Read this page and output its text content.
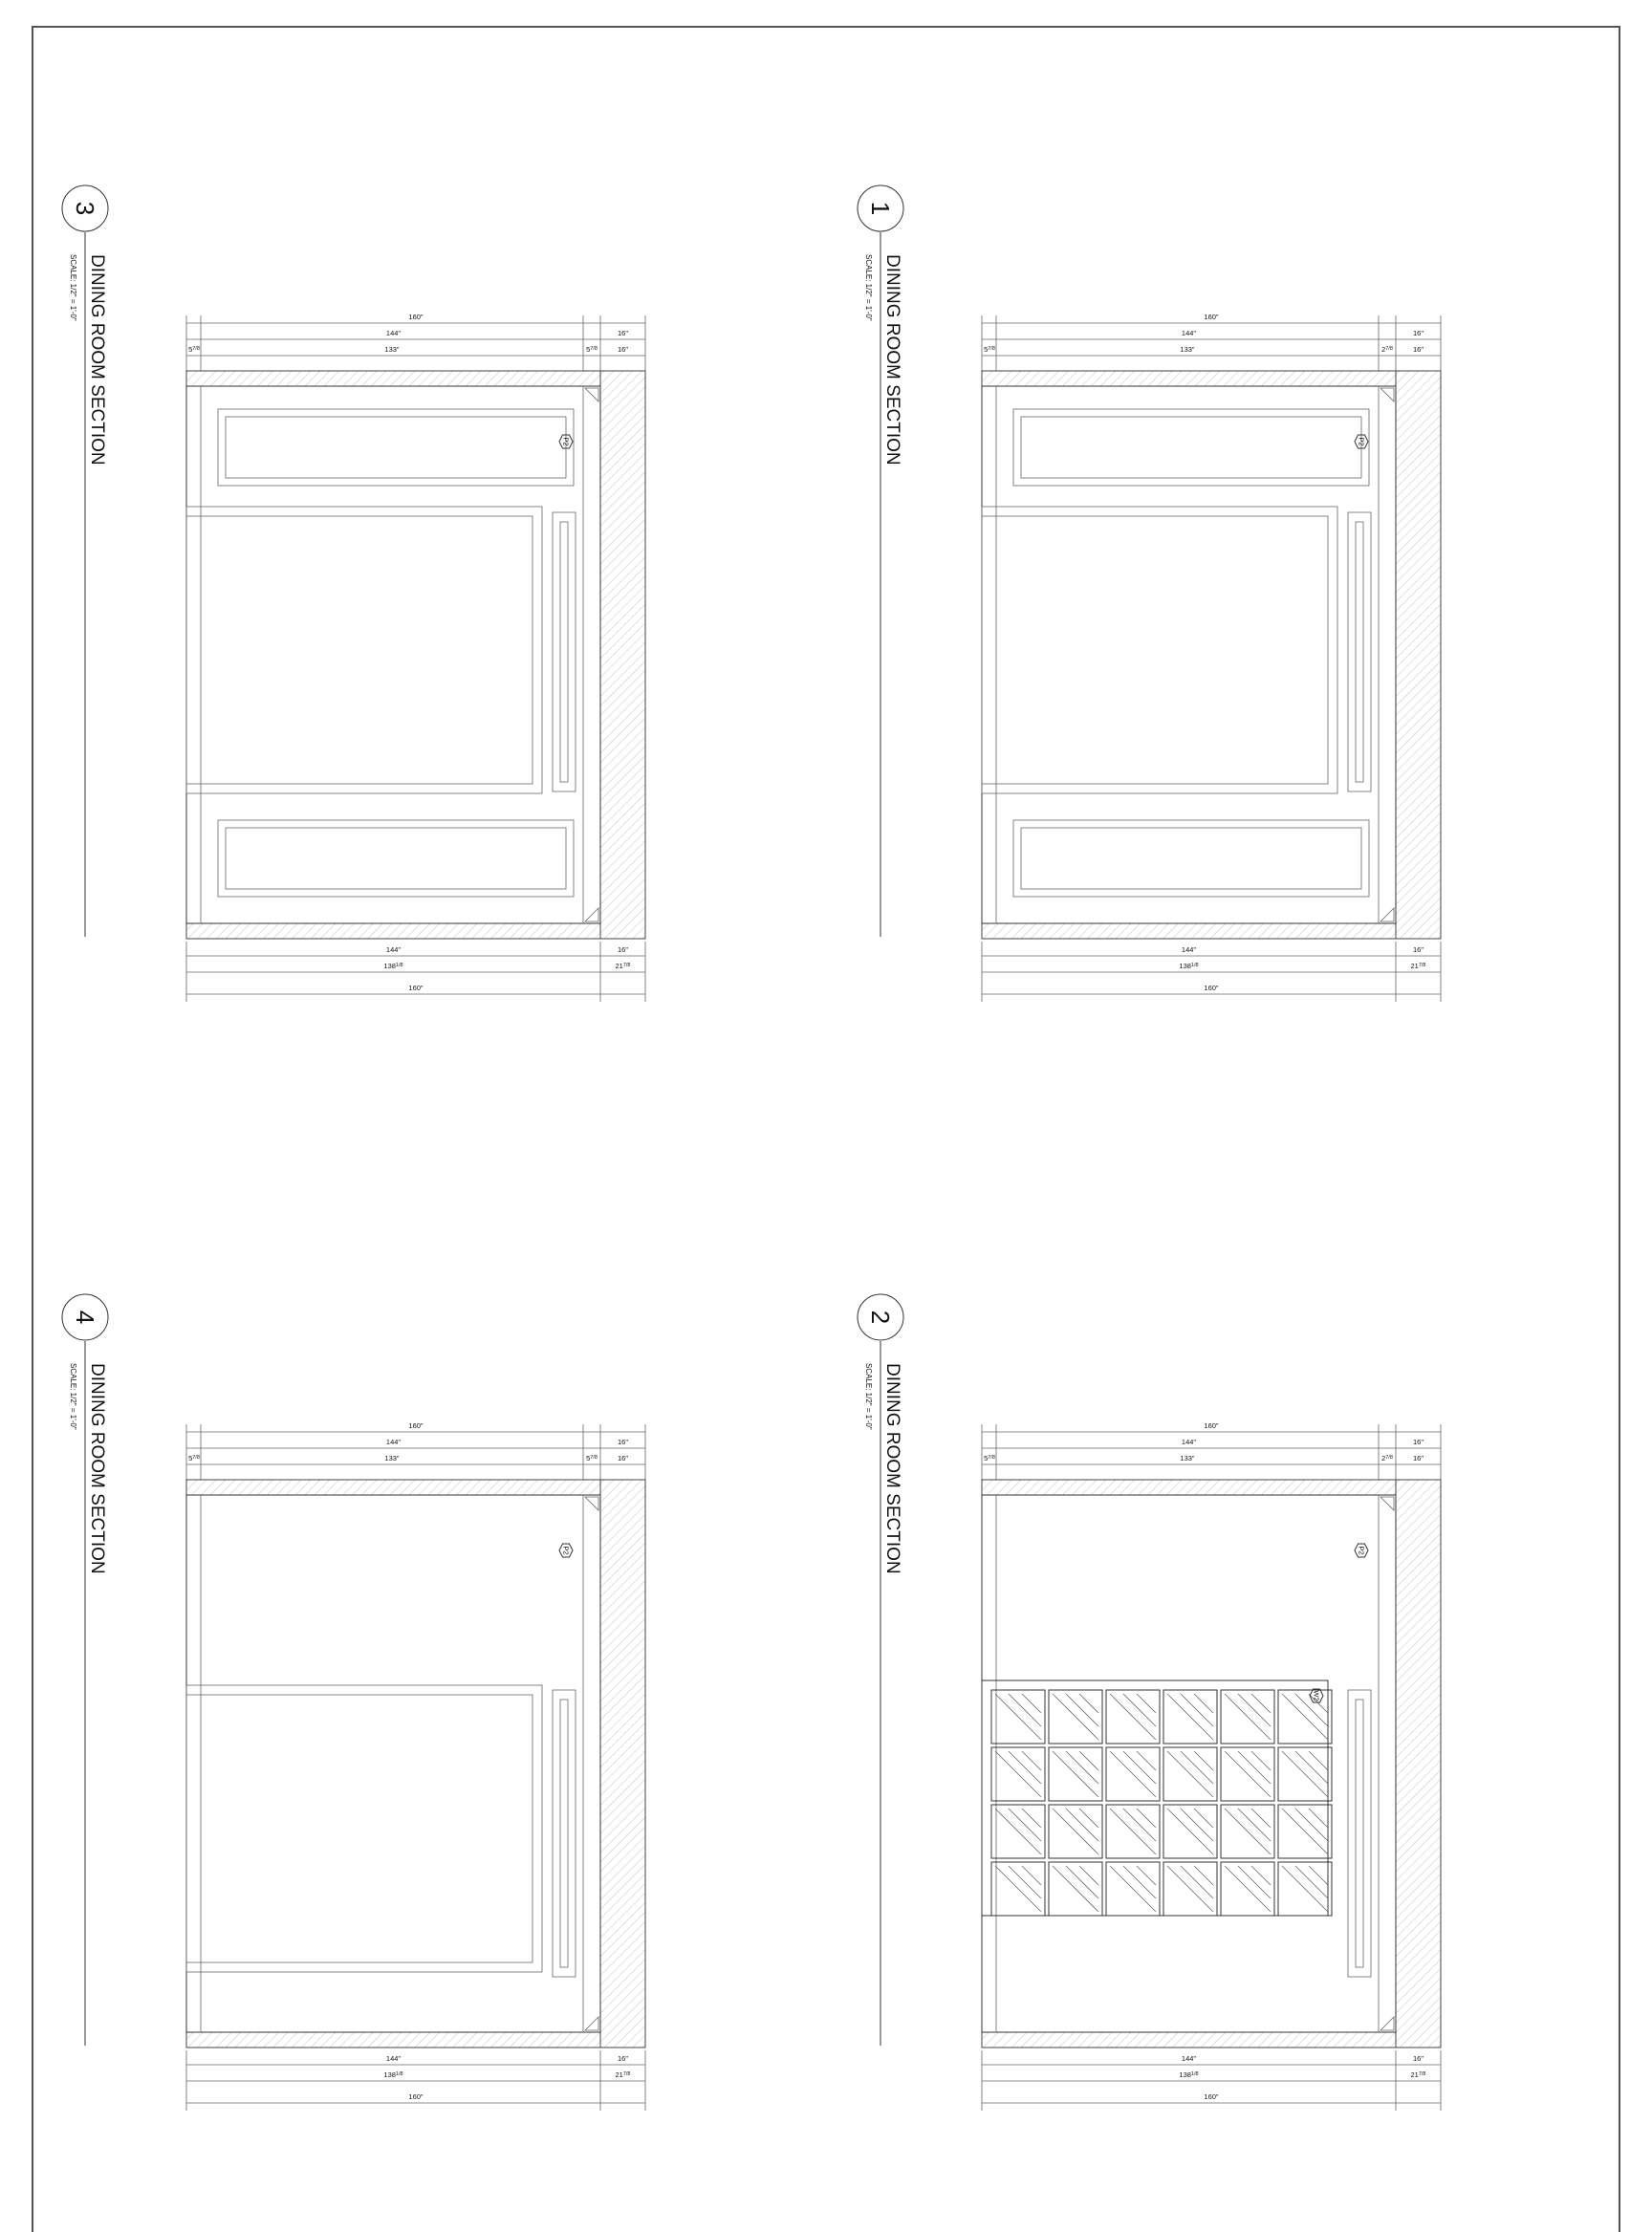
3
DINING ROOM SECTION
SCALE: 1/2" = 1'-0"	160"
144"	16"
133"	16"
$5^{7/8}$	$5^{7/8}$
P2
144"	16"
$138^{1/8}$	$21^{7/8}$
160"
1
DINING ROOM SECTION
SCALE: 1/2" = 1'-0"	160"
144"	16"
133"	16"
$5^{7/8}$	$2^{7/8}$
P2
144"	16"
$138^{1/8}$	$21^{7/8}$
160"
4
DINING ROOM SECTION
SCALE: 1/2" = 1'-0"	160"
144"	16"
133"	16"
$5^{7/8}$	$5^{7/8}$
P2
144"	16"
$138^{1/8}$	$21^{7/8}$
160"
2
DINING ROOM SECTION
SCALE: 1/2" = 1'-0"	160"
144"	16"
133"	16"
$5^{7/8}$	$2^{7/8}$
W2
P2
144"	16"
$138^{1/8}$	$21^{7/8}$
160"
